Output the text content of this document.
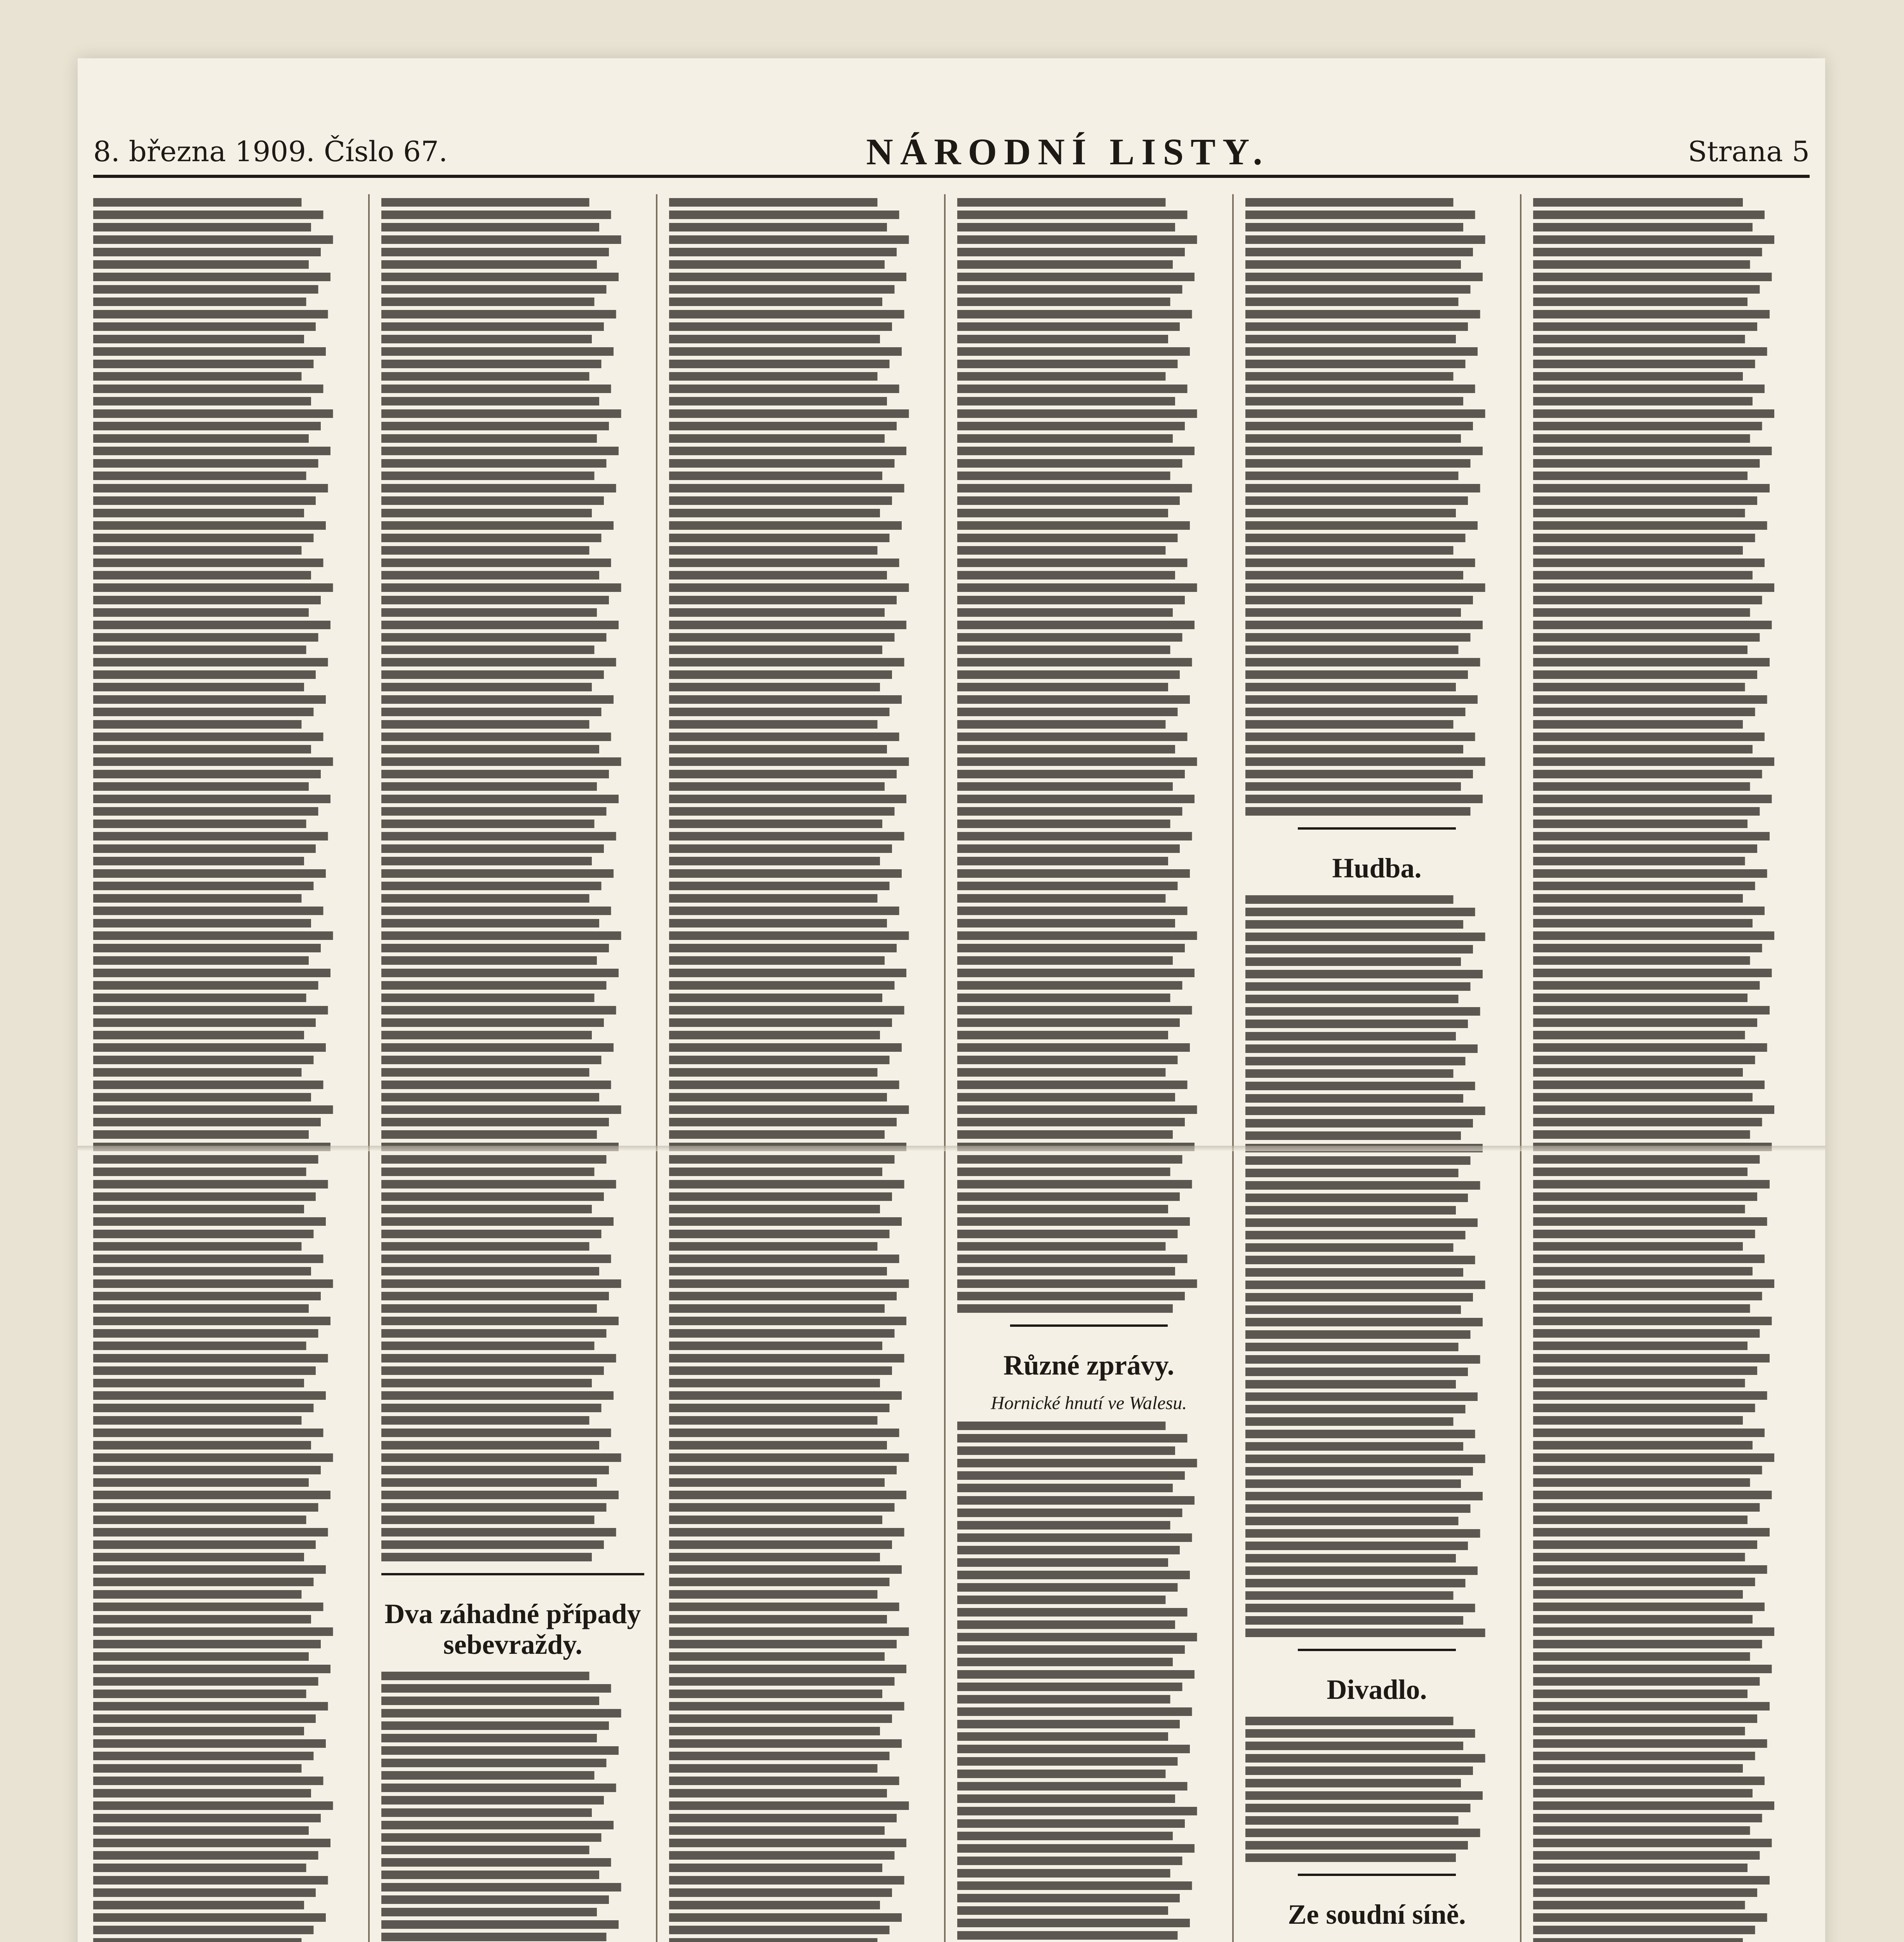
8. března 1909. Číslo 67.	NÁRODNÍ LISTY.	Strana 5
Dva záhadné případy sebevraždy.
Různé zprávy.
Hornické hnutí ve Walesu.
Hudba.
Divadlo.
Ze soudní síně.
